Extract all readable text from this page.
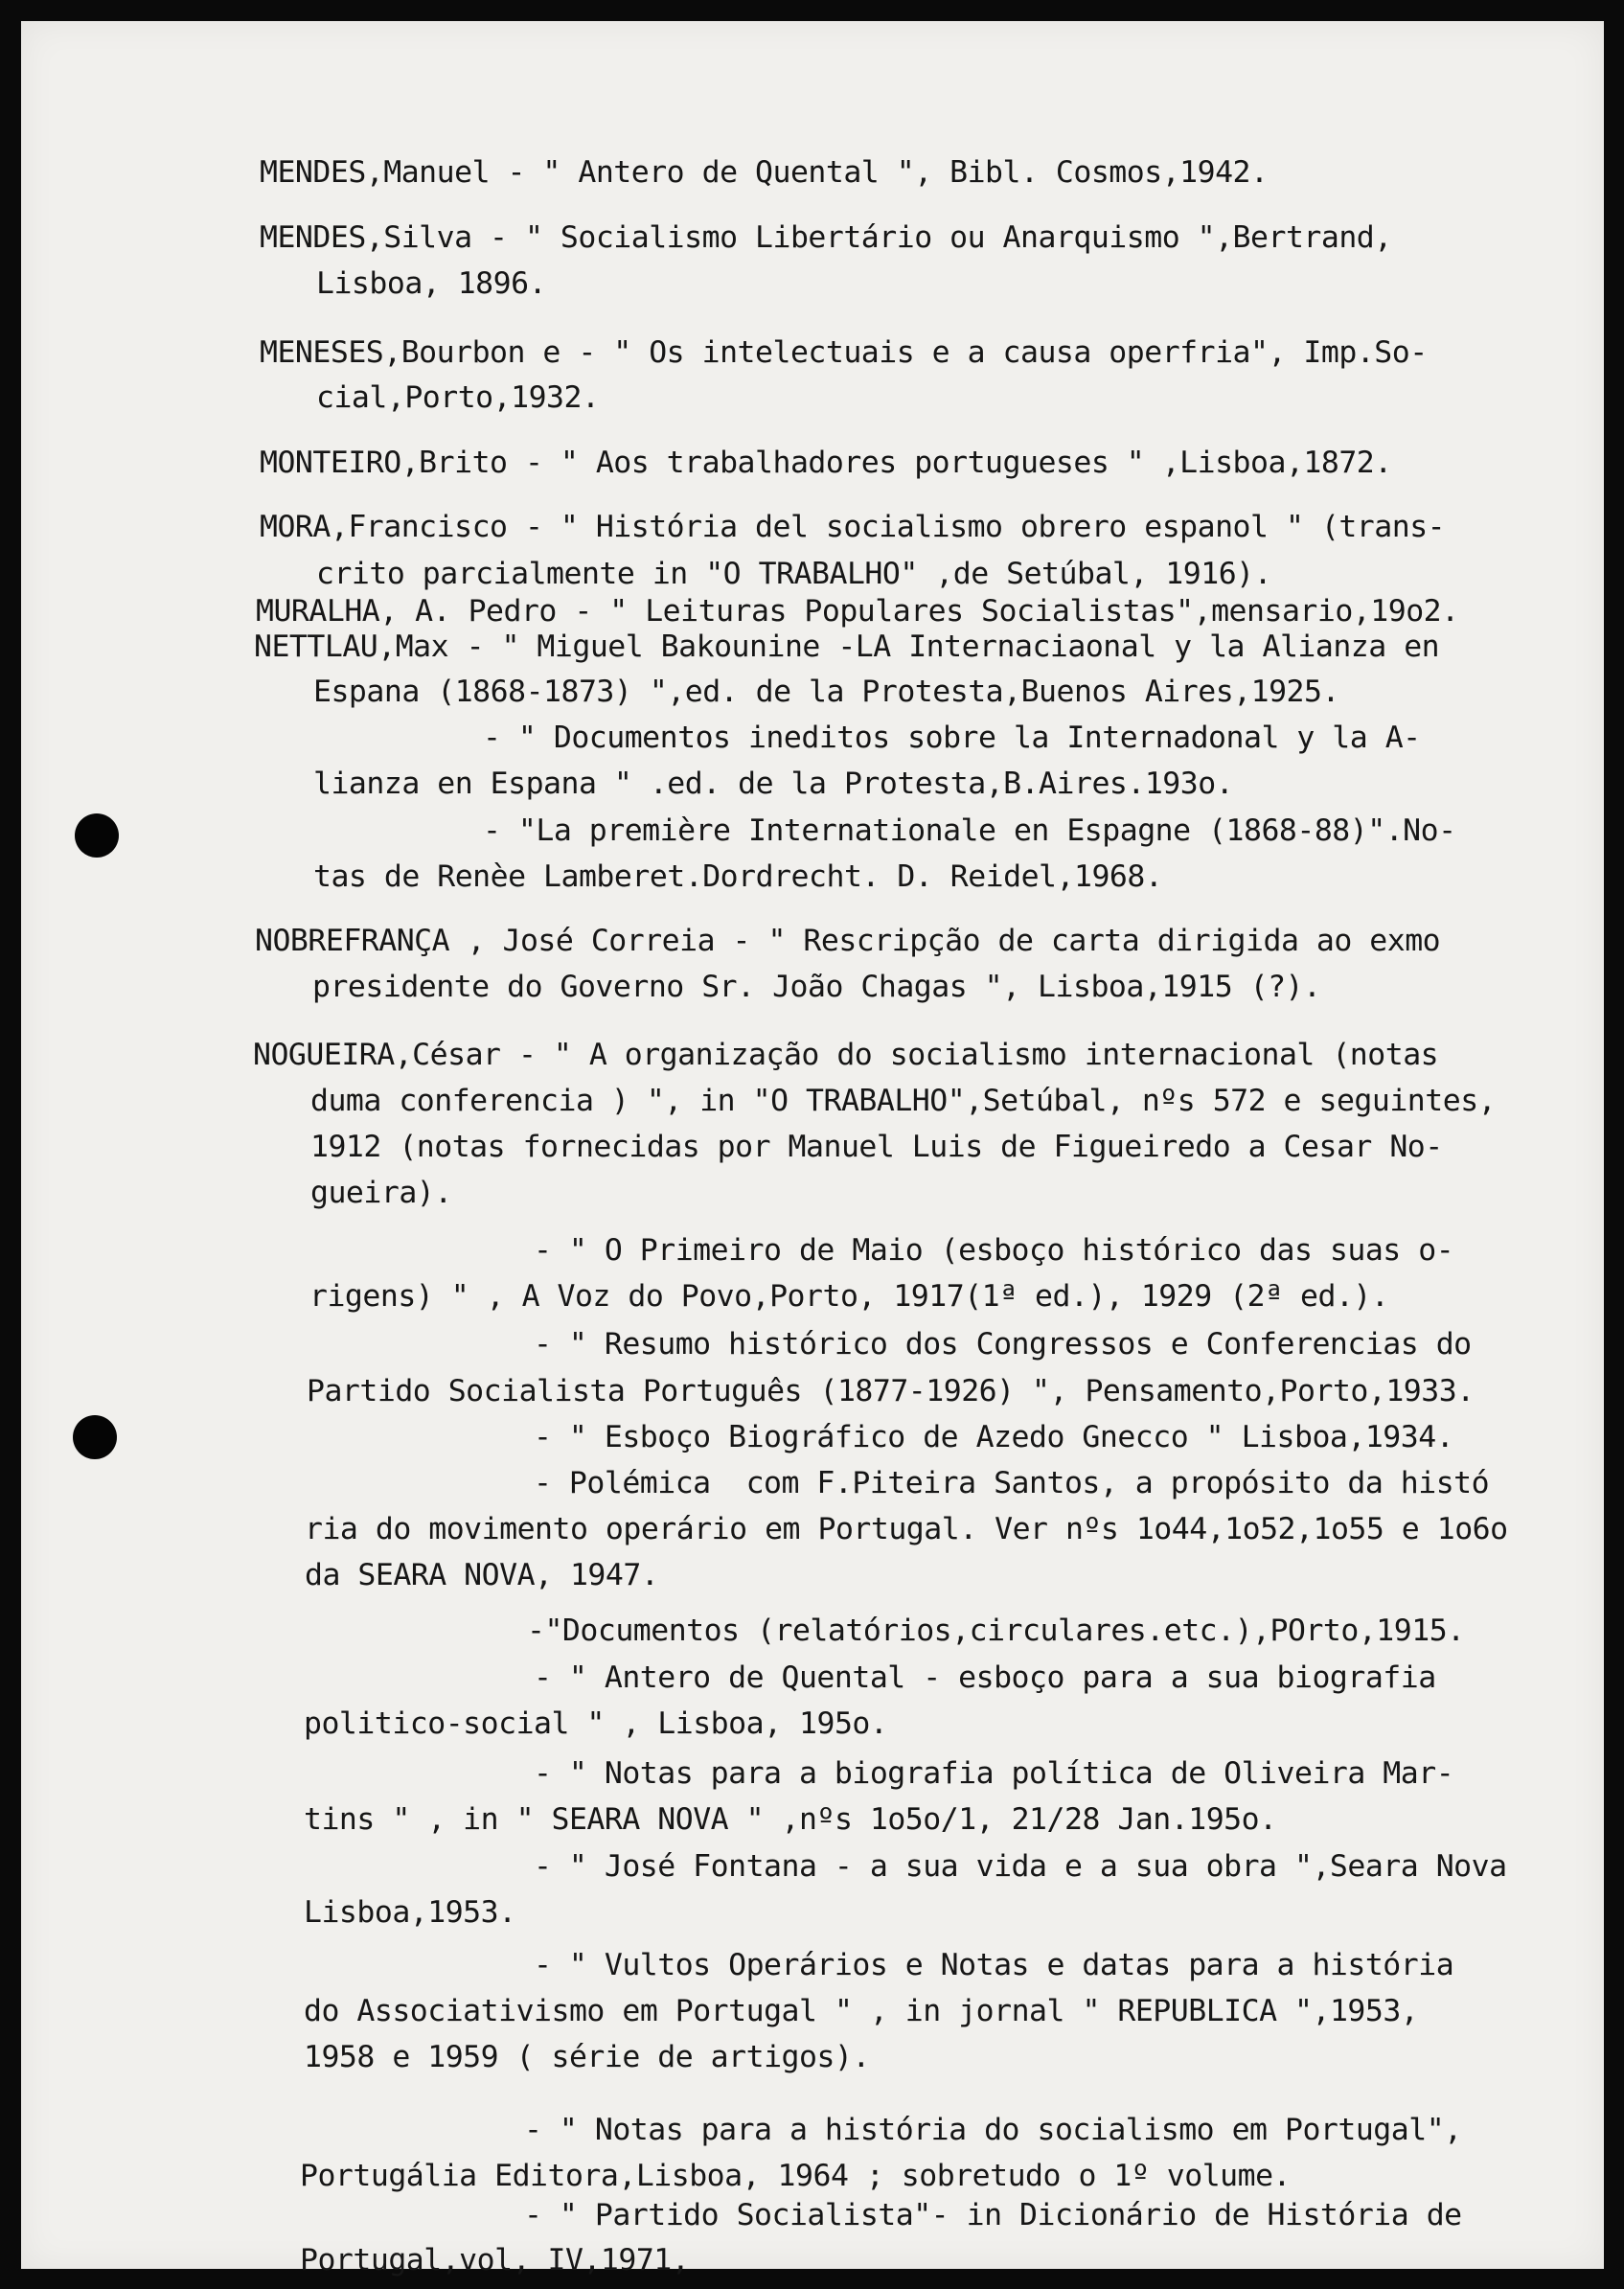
MENDES,Manuel - " Antero de Quental ", Bibl. Cosmos,1942.
MENDES,Silva - " Socialismo Libertário ou Anarquismo ",Bertrand,
Lisboa, 1896.
MENESES,Bourbon e - " Os intelectuais e a causa operfria", Imp.So-
cial,Porto,1932.
MONTEIRO,Brito - " Aos trabalhadores portugueses " ,Lisboa,1872.
MORA,Francisco - " História del socialismo obrero espanol " (trans-
crito parcialmente in "O TRABALHO" ,de Setúbal, 1916).
MURALHA, A. Pedro - " Leituras Populares Socialistas",mensario,19o2.
NETTLAU,Max - " Miguel Bakounine -LA Internaciaonal y la Alianza en
Espana (1868-1873) ",ed. de la Protesta,Buenos Aires,1925.
- " Documentos ineditos sobre la Internadonal y la A-
lianza en Espana " .ed. de la Protesta,B.Aires.193o.
- "La première Internationale en Espagne (1868-88)".No-
tas de Renèe Lamberet.Dordrecht. D. Reidel,1968.
NOBREFRANÇA , José Correia - " Rescripção de carta dirigida ao exmo
presidente do Governo Sr. João Chagas ", Lisboa,1915 (?).
NOGUEIRA,César - " A organização do socialismo internacional (notas
duma conferencia ) ", in "O TRABALHO",Setúbal, nºs 572 e seguintes,
1912 (notas fornecidas por Manuel Luis de Figueiredo a Cesar No-
gueira).
- " O Primeiro de Maio (esboço histórico das suas o-
rigens) " , A Voz do Povo,Porto, 1917(1ª ed.), 1929 (2ª ed.).
- " Resumo histórico dos Congressos e Conferencias do
Partido Socialista Português (1877-1926) ", Pensamento,Porto,1933.
- " Esboço Biográfico de Azedo Gnecco " Lisboa,1934.
- Polémica  com F.Piteira Santos, a propósito da histó
ria do movimento operário em Portugal. Ver nºs 1o44,1o52,1o55 e 1o6o
da SEARA NOVA, 1947.
-"Documentos (relatórios,circulares.etc.),POrto,1915.
- " Antero de Quental - esboço para a sua biografia
politico-social " , Lisboa, 195o.
- " Notas para a biografia política de Oliveira Mar-
tins " , in " SEARA NOVA " ,nºs 1o5o/1, 21/28 Jan.195o.
- " José Fontana - a sua vida e a sua obra ",Seara Nova
Lisboa,1953.
- " Vultos Operários e Notas e datas para a história
do Associativismo em Portugal " , in jornal " REPUBLICA ",1953,
1958 e 1959 ( série de artigos).
- " Notas para a história do socialismo em Portugal",
Portugália Editora,Lisboa, 1964 ; sobretudo o 1º volume.
- " Partido Socialista"- in Dicionário de História de
Portugal,vol, IV,1971,
